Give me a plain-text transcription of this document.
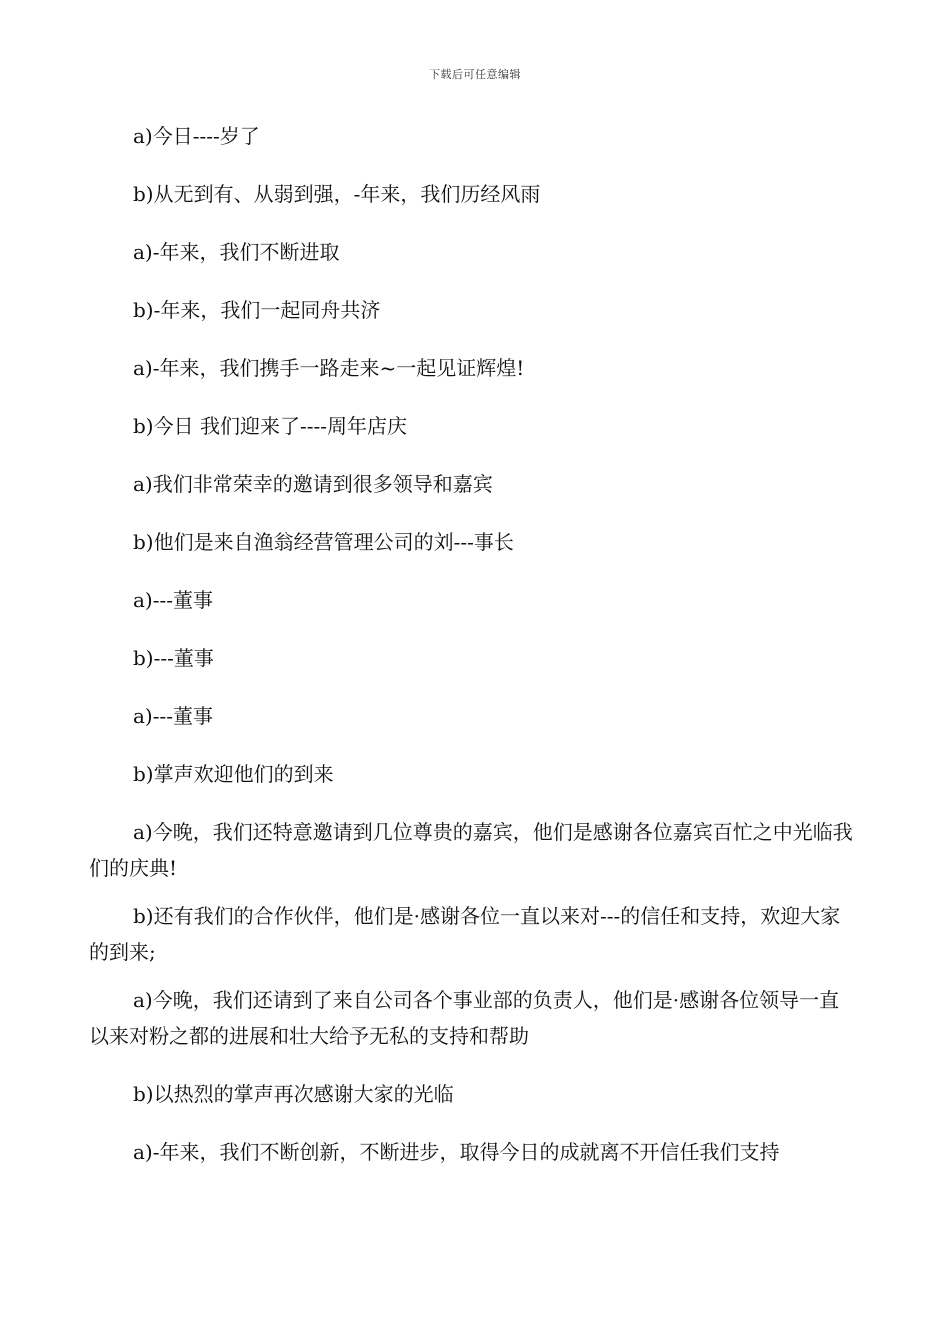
下载后可任意编辑
a)今日----岁了
b)从无到有、从弱到强，-年来，我们历经风雨
a)-年来，我们不断进取
b)-年来，我们一起同舟共济
a)-年来，我们携手一路走来~一起见证辉煌!
b)今日 我们迎来了----周年店庆
a)我们非常荣幸的邀请到很多领导和嘉宾
b)他们是来自渔翁经营管理公司的刘---事长
a)---董事
b)---董事
a)---董事
b)掌声欢迎他们的到来
a)今晚，我们还特意邀请到几位尊贵的嘉宾，他们是感谢各位嘉宾百忙之中光临我们的庆典!
b)还有我们的合作伙伴，他们是·感谢各位一直以来对---的信任和支持，欢迎大家的到来;
a)今晚，我们还请到了来自公司各个事业部的负责人，他们是·感谢各位领导一直以来对粉之都的进展和壮大给予无私的支持和帮助
b)以热烈的掌声再次感谢大家的光临
a)-年来，我们不断创新，不断进步，取得今日的成就离不开信任我们支持
